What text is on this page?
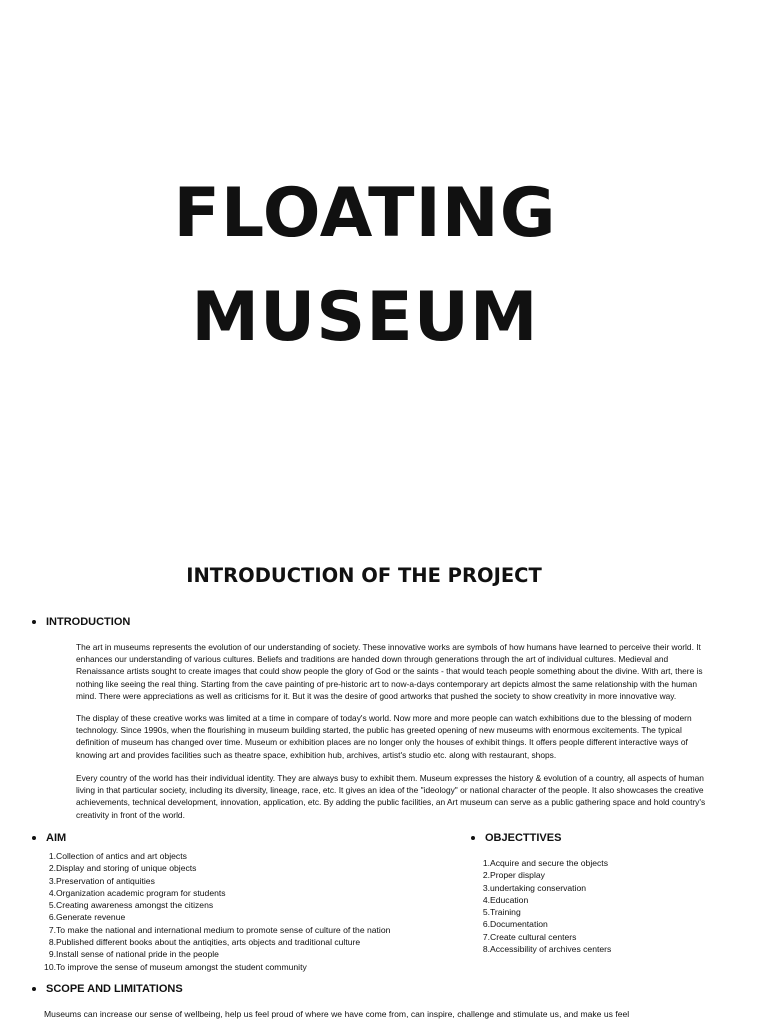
FLOATING
MUSEUM
INTRODUCTION OF THE PROJECT
INTRODUCTION

The art in museums represents the evolution of our understanding of society. These innovative works are symbols of how humans have learned to perceive their world. It enhances our understanding of various cultures. Beliefs and traditions are handed down through generations through the art of individual cultures. Medieval and Renaissance artists sought to create images that could show people the glory of God or the saints - that would teach people something about the divine. With art, there is nothing like seeing the real thing. Starting from the cave painting of pre-historic art to now-a-days contemporary art depicts almost the same relationship with the human mind. There were appreciations as well as criticisms for it. But it was the desire of good artworks that pushed the society to show creativity in more innovative way.

The display of these creative works was limited at a time in compare of today's world. Now more and more people can watch exhibitions due to the blessing of modern technology. Since 1990s, when the flourishing in museum building started, the public has greeted opening of new museums with enormous excitements. The typical definition of museum has changed over time. Museum or exhibition places are no longer only the houses of exhibit things. It offers people different interactive ways of knowing art and provides facilities such as theatre space, exhibition hub, archives, artist's studio etc. along with restaurant, shops.

Every country of the world has their individual identity. They are always busy to exhibit them. Museum expresses the history & evolution of a country, all aspects of human living in that particular society, including its diversity, lineage, race, etc. It gives an idea of the "ideology" or national character of the people. It also showcases the creative achievements, technical development, innovation, application, etc. By adding the public facilities, an Art museum can serve as a public gathering space and hold country's creativity in front of the world.

AIM
1. Collection of antics and art objects
2. Display and storing of unique objects
3. Preservation of antiquities
4. Organization academic program for students
5. Creating awareness amongst the citizens
6. Generate revenue
7. To make the national and international medium to promote sense of culture of the nation
8. Published different books about the antiqities, arts objects and traditional culture
9. Install sense of national pride in the people
10. To improve the sense of museum amongst the student community
OBJECTTIVES
1. Acquire and secure the objects
2. Proper display
3. undertaking conservation
4. Education
5. Training
6. Documentation
7. Create cultural centers
8. Accessibility of archives centers
SCOPE AND LIMITATIONS

Museums can increase our sense of wellbeing, help us feel proud of where we have come from, can inspire, challenge and stimulate us, and make us feel
